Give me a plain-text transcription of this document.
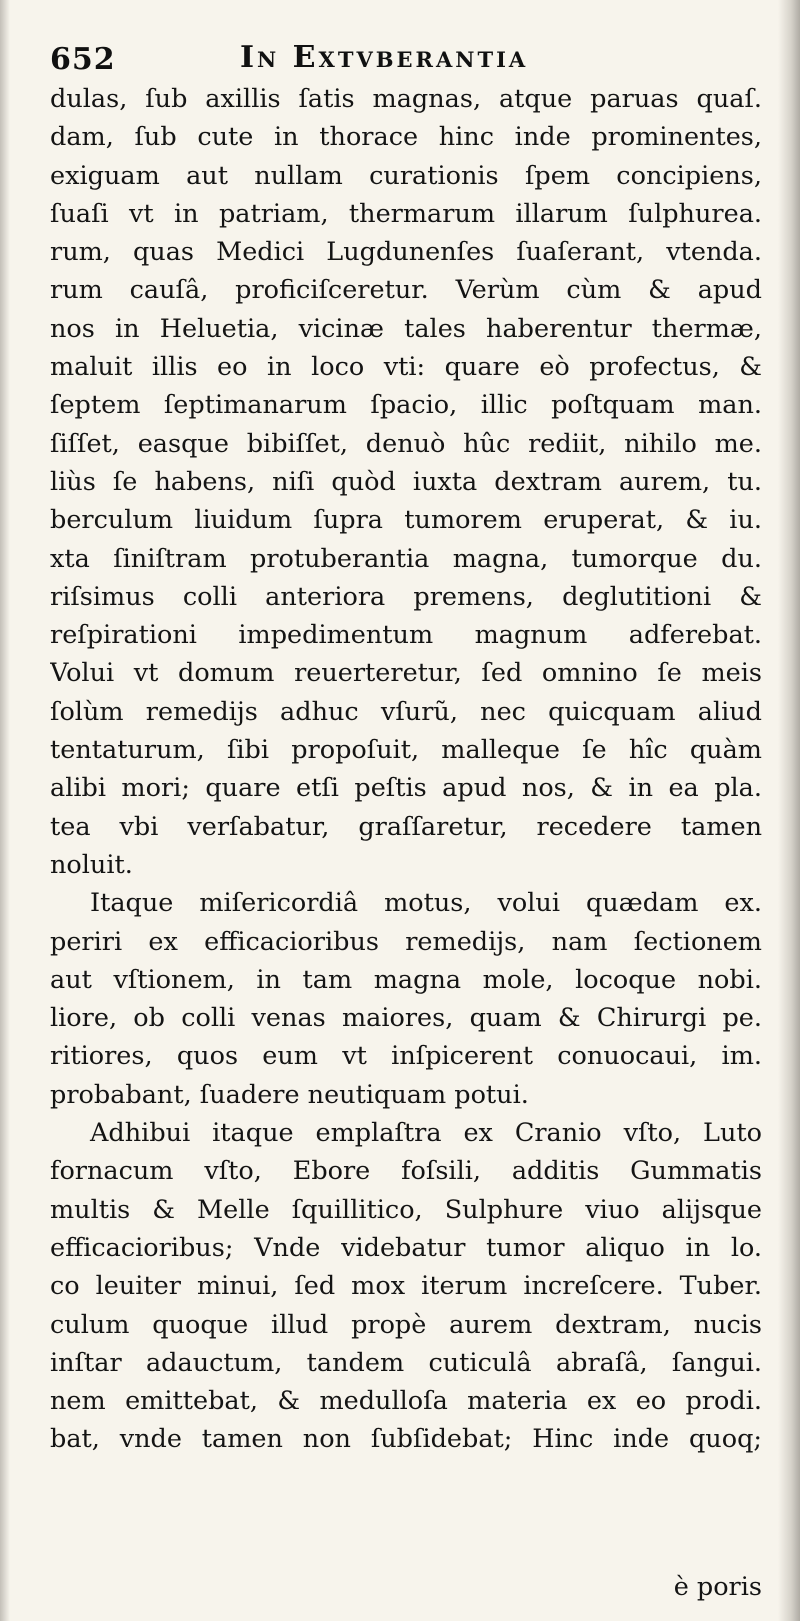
652	In Extvberantia
dulas, ſub axillis ſatis magnas, atque paruas quaſ.
dam, ſub cute in thorace hinc inde prominentes,
exiguam aut nullam curationis ſpem concipiens,
ſuaſi vt in patriam, thermarum illarum ſulphurea.
rum, quas Medici Lugdunenſes ſuaſerant, vtenda.
rum cauſâ, proficiſceretur. Verùm cùm & apud
nos in Heluetia, vicinæ tales haberentur thermæ,
maluit illis eo in loco vti: quare eò profectus, &
ſeptem ſeptimanarum ſpacio, illic poſtquam man.
ſiſſet, easque bibiſſet, denuò hûc rediit, nihilo me.
liùs ſe habens, niſi quòd iuxta dextram aurem, tu.
berculum liuidum ſupra tumorem eruperat, & iu.
xta ſiniſtram protuberantia magna, tumorque du.
riſsimus colli anteriora premens, deglutitioni &
reſpirationi impedimentum magnum adferebat.
Volui vt domum reuerteretur, ſed omnino ſe meis
ſolùm remedijs adhuc vſurũ, nec quicquam aliud
tentaturum, ſibi propoſuit, malleque ſe hîc quàm
alibi mori; quare etſi peſtis apud nos, & in ea pla.
tea vbi verſabatur, graſſaretur, recedere tamen
noluit.
Itaque miſericordiâ motus, volui quædam ex.
periri ex efficacioribus remedijs, nam ſectionem
aut vſtionem, in tam magna mole, locoque nobi.
liore, ob colli venas maiores, quam & Chirurgi pe.
ritiores, quos eum vt inſpicerent conuocaui, im.
probabant, ſuadere neutiquam potui.
Adhibui itaque emplaſtra ex Cranio vſto, Luto
fornacum vſto, Ebore foſsili, additis Gummatis
multis & Melle ſquillitico, Sulphure viuo alijsque
efficacioribus; Vnde videbatur tumor aliquo in lo.
co leuiter minui, ſed mox iterum increſcere. Tuber.
culum quoque illud propè aurem dextram, nucis
inſtar adauctum, tandem cuticulâ abraſâ, ſangui.
nem emittebat, & medulloſa materia ex eo prodi.
bat, vnde tamen non ſubſidebat; Hinc inde quoq;
è poris
